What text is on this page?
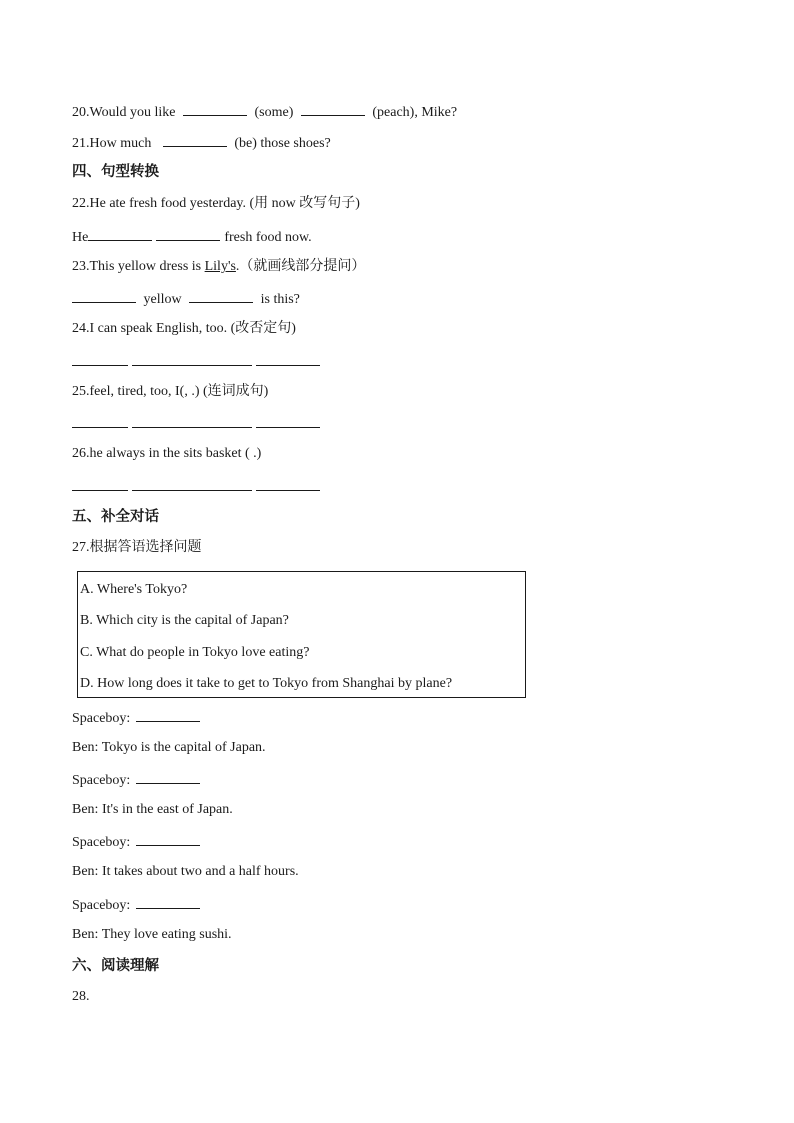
20.Would you like	(some)	(peach), Mike?
21.How much	(be) those shoes?
四、句型转换
22.He ate fresh food yesterday. (用 now 改写句子)
He	fresh food now.
23.This yellow dress is Lily's.（就画线部分提问）
yellow	is this?
24.I can speak English, too. (改否定句)
25.feel, tired, too, I(, .) (连词成句)
26.he always in the sits basket ( .)
五、补全对话
27.根据答语选择问题
A. Where's Tokyo?
B. Which city is the capital of Japan?
C. What do people in Tokyo love eating?
D. How long does it take to get to Tokyo from Shanghai by plane?
Spaceboy:
Ben: Tokyo is the capital of Japan.
Spaceboy:
Ben: It's in the east of Japan.
Spaceboy:
Ben: It takes about two and a half hours.
Spaceboy:
Ben: They love eating sushi.
六、阅读理解
28.
